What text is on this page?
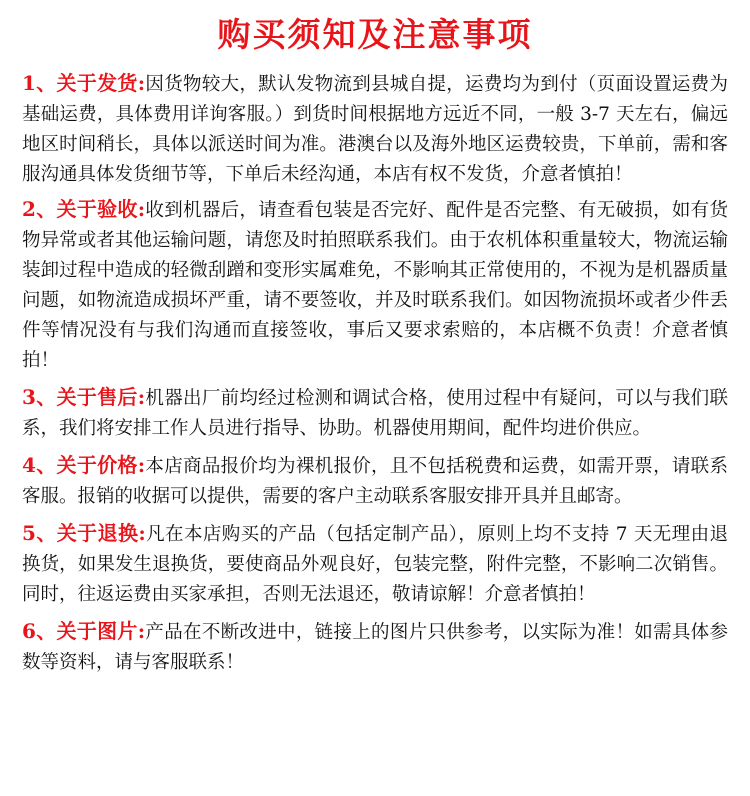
购买须知及注意事项

1、关于发货:因货物较大，默认发物流到县城自提，运费均为到付（页面设置运费为基础运费，具体费用详询客服。）到货时间根据地方远近不同，一般 3-7 天左右，偏远地区时间稍长，具体以派送时间为准。港澳台以及海外地区运费较贵，下单前，需和客服沟通具体发货细节等，下单后未经沟通，本店有权不发货，介意者慎拍！

2、关于验收:收到机器后，请查看包装是否完好、配件是否完整、有无破损，如有货物异常或者其他运输问题，请您及时拍照联系我们。由于农机体积重量较大，物流运输装卸过程中造成的轻微刮蹭和变形实属难免，不影响其正常使用的，不视为是机器质量问题，如物流造成损坏严重，请不要签收，并及时联系我们。如因物流损坏或者少件丢件等情况没有与我们沟通而直接签收，事后又要求索赔的，本店概不负责！介意者慎拍！

3、关于售后:机器出厂前均经过检测和调试合格，使用过程中有疑问，可以与我们联系，我们将安排工作人员进行指导、协助。机器使用期间，配件均进价供应。

4、关于价格:本店商品报价均为裸机报价，且不包括税费和运费，如需开票，请联系客服。报销的收据可以提供，需要的客户主动联系客服安排开具并且邮寄。

5、关于退换:凡在本店购买的产品（包括定制产品），原则上均不支持 7 天无理由退换货，如果发生退换货，要使商品外观良好，包装完整，附件完整，不影响二次销售。同时，往返运费由买家承担，否则无法退还，敬请谅解！介意者慎拍！

6、关于图片:产品在不断改进中，链接上的图片只供参考，以实际为准！如需具体参数等资料，请与客服联系！
